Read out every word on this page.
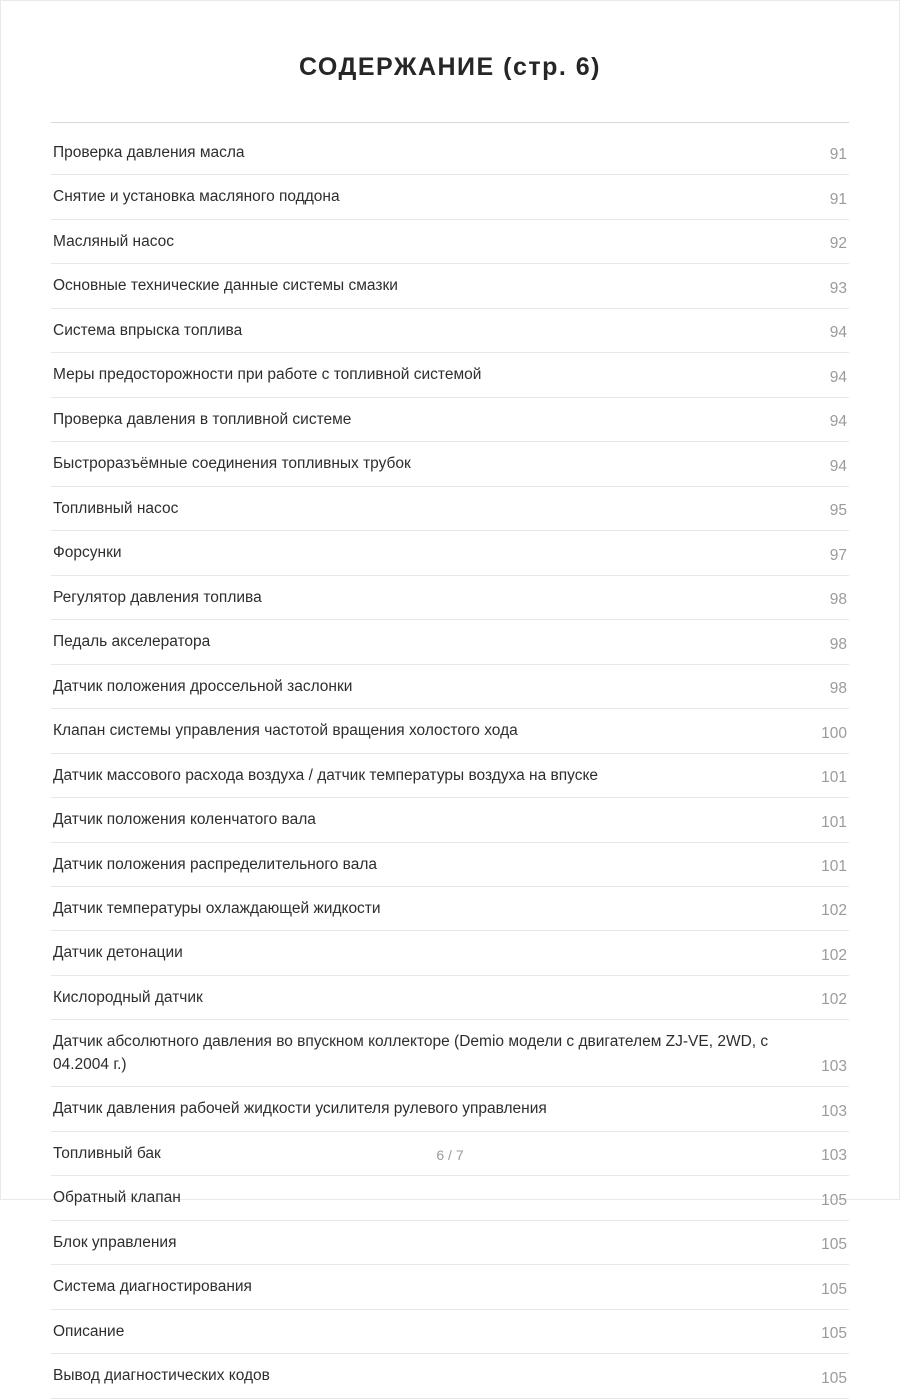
СОДЕРЖАНИЕ (стр. 6)
Проверка давления масла	91
Снятие и установка масляного поддона	91
Масляный насос	92
Основные технические данные системы смазки	93
Система впрыска топлива	94
Меры предосторожности при работе с топливной системой	94
Проверка давления в топливной системе	94
Быстроразъёмные соединения топливных трубок	94
Топливный насос	95
Форсунки	97
Регулятор давления топлива	98
Педаль акселератора	98
Датчик положения дроссельной заслонки	98
Клапан системы управления частотой вращения холостого хода	100
Датчик массового расхода воздуха / датчик температуры воздуха на впуске	101
Датчик положения коленчатого вала	101
Датчик положения распределительного вала	101
Датчик температуры охлаждающей жидкости	102
Датчик детонации	102
Кислородный датчик	102
Датчик абсолютного давления во впускном коллекторе (Demio модели с двигателем ZJ-VE, 2WD, с 04.2004 г.)	103
Датчик давления рабочей жидкости усилителя рулевого управления	103
Топливный бак	103
Обратный клапан	105
Блок управления	105
Система диагностирования	105
Описание	105
Вывод диагностических кодов	105
6 / 7
